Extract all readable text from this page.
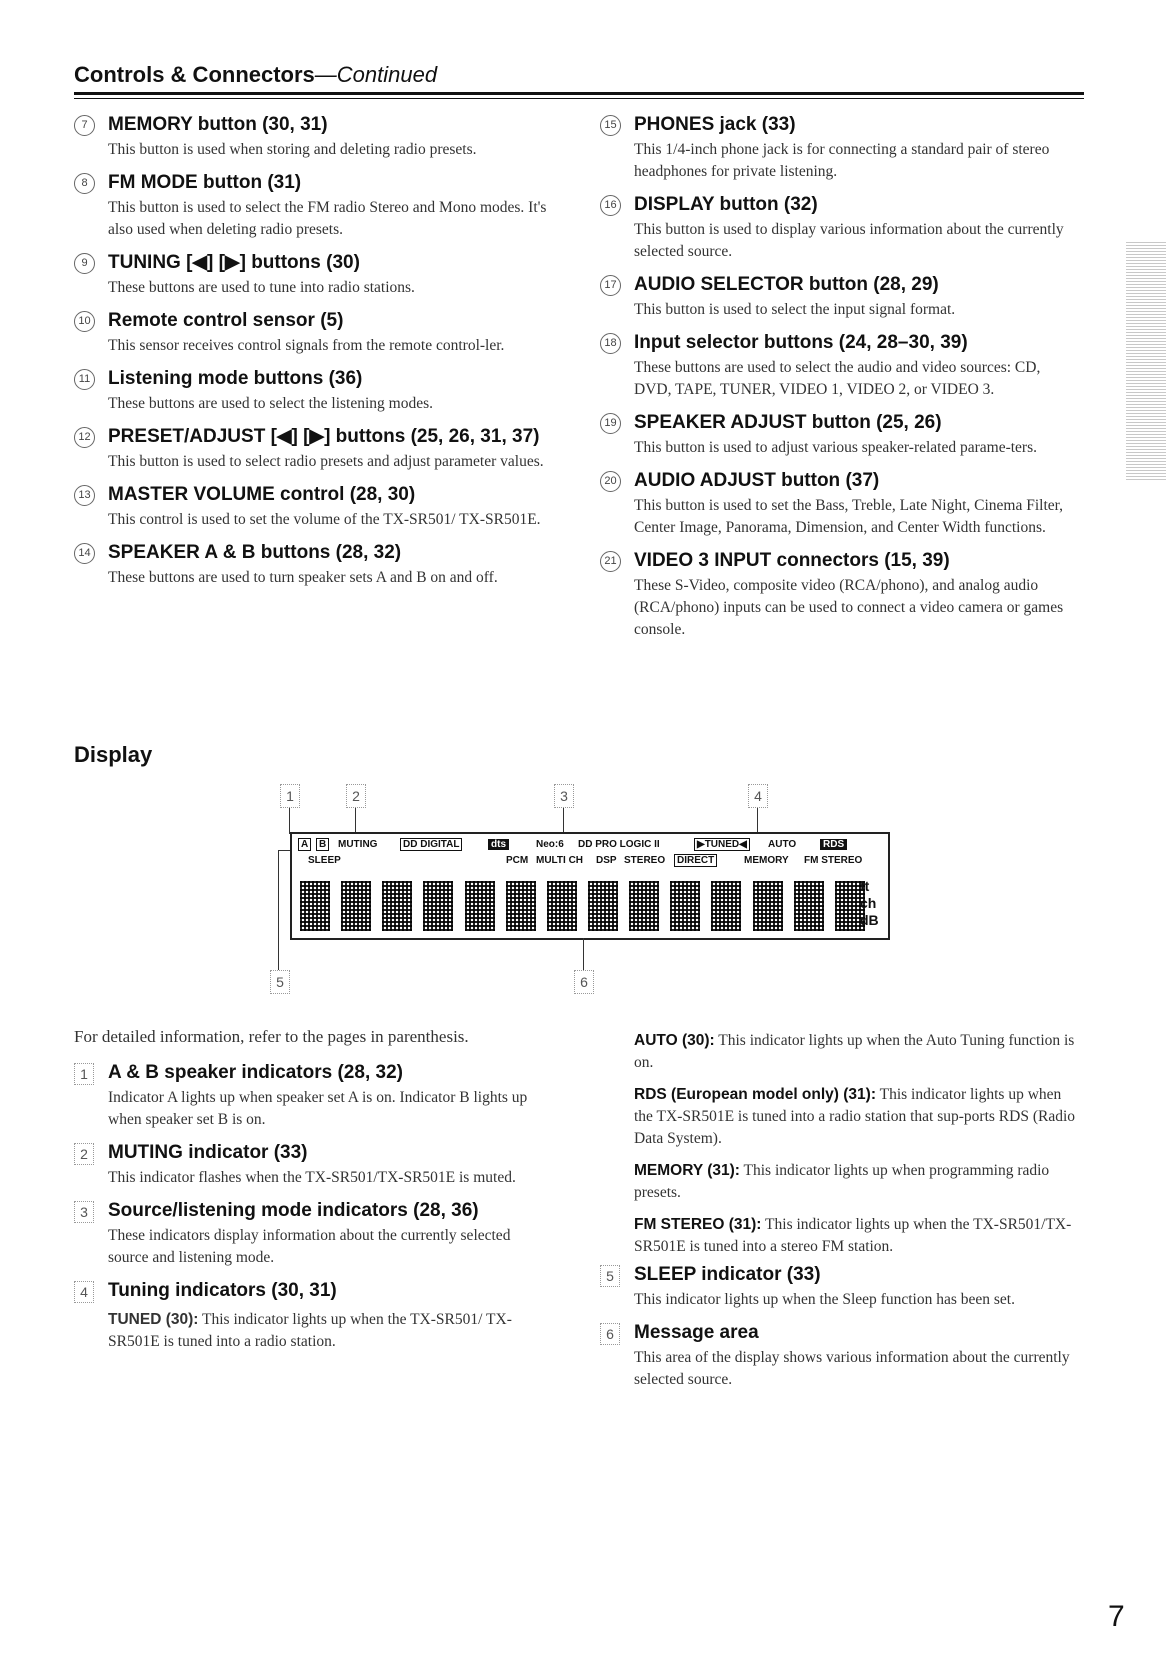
Controls & Connectors—Continued
7	MEMORY button (30, 31)
This button is used when storing and deleting radio presets.
8	FM MODE button (31)
This button is used to select the FM radio Stereo and Mono modes. It's also used when deleting radio presets.
9	TUNING [◀] [▶] buttons (30)
These buttons are used to tune into radio stations.
10 Remote control sensor (5)
This sensor receives control signals from the remote control-ler.
11 Listening mode buttons (36)
These buttons are used to select the listening modes.
12 PRESET/ADJUST [◀] [▶] buttons (25, 26, 31, 37)
This button is used to select radio presets and adjust parameter values.
13 MASTER VOLUME control (28, 30)
This control is used to set the volume of the TX-SR501/ TX-SR501E.
14 SPEAKER A & B buttons (28, 32)
These buttons are used to turn speaker sets A and B on and off.
15 PHONES jack (33)
This 1/4-inch phone jack is for connecting a standard pair of stereo headphones for private listening.
16 DISPLAY button (32)
This button is used to display various information about the currently selected source.
17 AUDIO SELECTOR button (28, 29)
This button is used to select the input signal format.
18 Input selector buttons (24, 28–30, 39)
These buttons are used to select the audio and video sources: CD, DVD, TAPE, TUNER, VIDEO 1, VIDEO 2, or VIDEO 3.
19 SPEAKER ADJUST button (25, 26)
This button is used to adjust various speaker-related parame-ters.
20 AUDIO ADJUST button (37)
This button is used to set the Bass, Treble, Late Night, Cinema Filter, Center Image, Panorama, Dimension, and Center Width functions.
21 VIDEO 3 INPUT connectors (15, 39)
These S-Video, composite video (RCA/phono), and analog audio (RCA/phono) inputs can be used to connect a video camera or games console.
Display
1	2	3	4
A	B	MUTING
SLEEP
DD DIGITAL	dts	Neo:6 DD PRO LOGIC II
PCM MULTI CH DSP STEREO	DIRECT
▶TUNED◀	AUTO	RDS
MEMORY FM STEREO
ft
ch
dB
5	6
For detailed information, refer to the pages in parenthesis.
1	A & B speaker indicators (28, 32)
Indicator A lights up when speaker set A is on. Indicator B lights up when speaker set B is on.
2	MUTING indicator (33)
This indicator flashes when the TX-SR501/TX-SR501E is muted.
3	Source/listening mode indicators (28, 36)
These indicators display information about the currently selected source and listening mode.
4	Tuning indicators (30, 31)
TUNED (30): This indicator lights up when the TX-SR501/ TX-SR501E is tuned into a radio station.
AUTO (30): This indicator lights up when the Auto Tuning function is on.
RDS (European model only) (31): This indicator lights up when the TX-SR501E is tuned into a radio station that sup-ports RDS (Radio Data System).
MEMORY (31): This indicator lights up when programming radio presets.
FM STEREO (31): This indicator lights up when the TX-SR501/TX-SR501E is tuned into a stereo FM station.
5	SLEEP indicator (33)
This indicator lights up when the Sleep function has been set.
6	Message area
This area of the display shows various information about the currently selected source.
7
